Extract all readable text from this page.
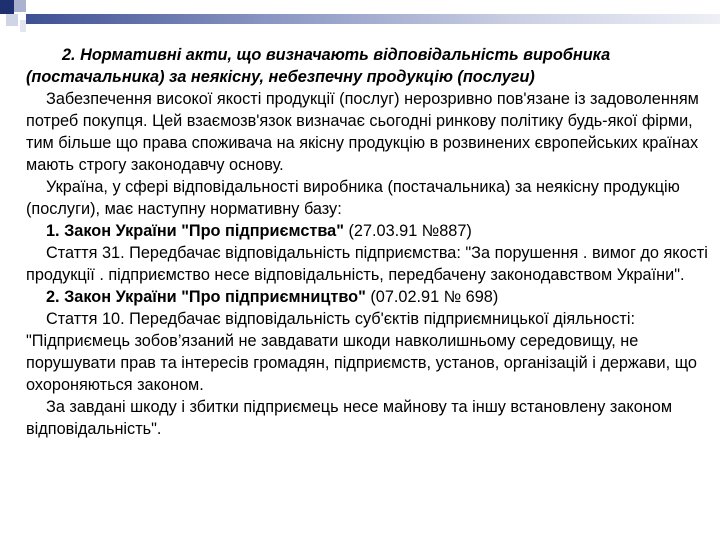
2. Нормативні акти, що визначають відповідальність виробника (постачальника) за неякісну, небезпечну продукцію (послуги)

Забезпечення високої якості продукції (послуг) нерозривно пов'язане із задоволенням потреб покупця. Цей взаємозв'язок визначає сьогодні ринкову політику будь-якої фірми, тим більше що права споживача на якісну продукцію в розвинених європейських країнах мають строгу законодавчу основу.

Україна, у сфері відповідальності виробника (постачальника) за неякісну продукцію (послуги), має наступну нормативну базу:

1. Закон України "Про підприємства" (27.03.91 №887)

Стаття 31. Передбачає відповідальність підприємства: "За порушення . вимог до якості продукції . підприємство несе відповідальність, передбачену законодавством України".

2. Закон України "Про підприємництво" (07.02.91 № 698)

Стаття 10. Передбачає відповідальність суб'єктів підприємницької діяльності: "Підприємець зобов’язаний не завдавати шкоди навколишньому середовищу, не порушувати прав та інтересів громадян, підприємств, установ, організацій і держави, що охороняються законом.

За завдані шкоду і збитки підприємець несе майнову та іншу встановлену законом відповідальність".
